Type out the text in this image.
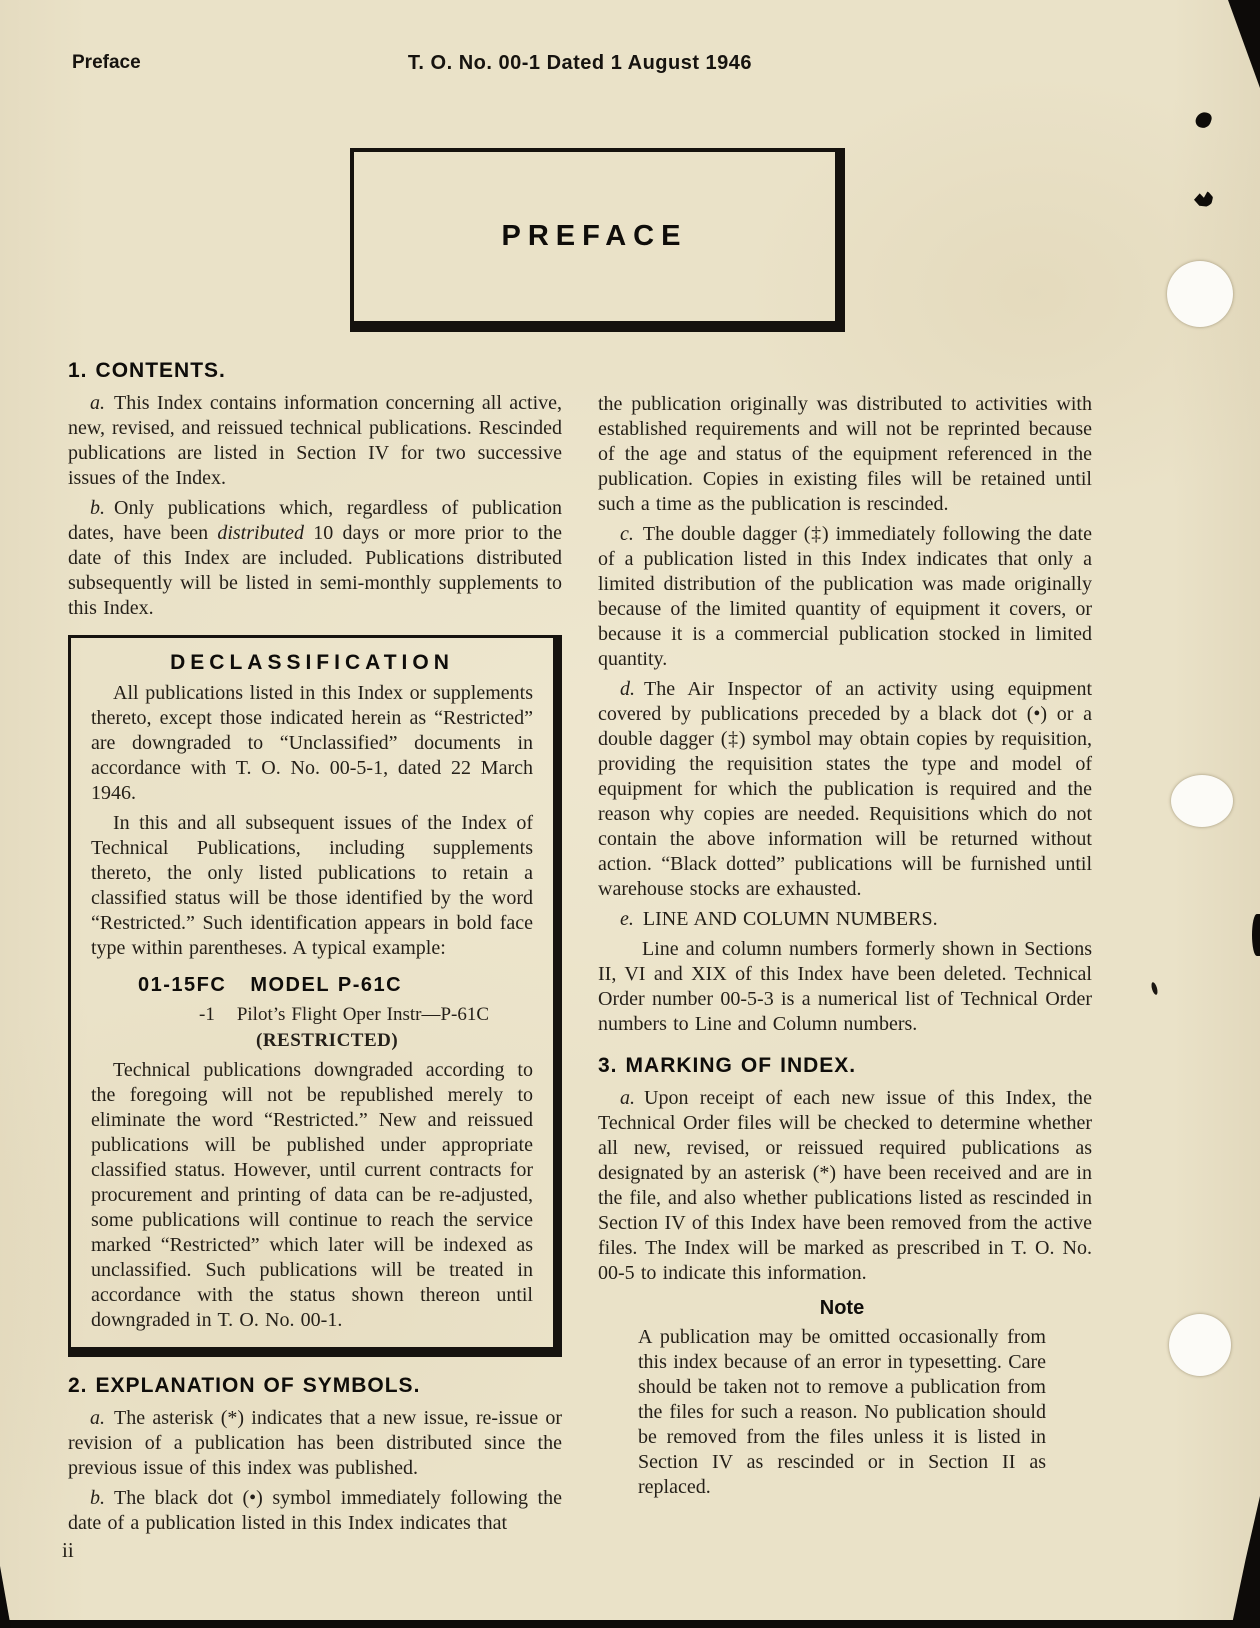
Preface	T. O. No. 00-1 Dated 1 August 1946
PREFACE
1. CONTENTS.

a. This Index contains information concerning all active, new, revised, and reissued technical publications. Rescinded publications are listed in Section IV for two successive issues of the Index.

b. Only publications which, regardless of publication dates, have been distributed 10 days or more prior to the date of this Index are included. Publications distributed subsequently will be listed in semi-monthly supplements to this Index.

DECLASSIFICATION

All publications listed in this Index or supplements thereto, except those indicated herein as “Restricted” are downgraded to “Unclassified” documents in accordance with T. O. No. 00-5-1, dated 22 March 1946.

In this and all subsequent issues of the Index of Technical Publications, including supplements thereto, the only listed publications to retain a classified status will be those identified by the word “Restricted.” Such identification appears in bold face type within parentheses. A typical example:

01-15FC MODEL P-61C
-1 Pilot’s Flight Oper Instr—P-61C
(RESTRICTED)

Technical publications downgraded according to the foregoing will not be republished merely to eliminate the word “Restricted.” New and reissued publications will be published under appropriate classified status. However, until current contracts for procurement and printing of data can be re-adjusted, some publications will continue to reach the service marked “Restricted” which later will be indexed as unclassified. Such publications will be treated in accordance with the status shown thereon until downgraded in T. O. No. 00-1.

2. EXPLANATION OF SYMBOLS.

a. The asterisk (*) indicates that a new issue, re-issue or revision of a publication has been distributed since the previous issue of this index was published.

b. The black dot (•) symbol immediately following the date of a publication listed in this Index indicates that

the publication originally was distributed to activities with established requirements and will not be reprinted because of the age and status of the equipment referenced in the publication. Copies in existing files will be retained until such a time as the publication is rescinded.

c. The double dagger (‡) immediately following the date of a publication listed in this Index indicates that only a limited distribution of the publication was made originally because of the limited quantity of equipment it covers, or because it is a commercial publication stocked in limited quantity.

d. The Air Inspector of an activity using equipment covered by publications preceded by a black dot (•) or a double dagger (‡) symbol may obtain copies by requisition, providing the requisition states the type and model of equipment for which the publication is required and the reason why copies are needed. Requisitions which do not contain the above information will be returned without action. “Black dotted” publications will be furnished until warehouse stocks are exhausted.

e. LINE AND COLUMN NUMBERS.

Line and column numbers formerly shown in Sections II, VI and XIX of this Index have been deleted. Technical Order number 00-5-3 is a numerical list of Technical Order numbers to Line and Column numbers.

3. MARKING OF INDEX.

a. Upon receipt of each new issue of this Index, the Technical Order files will be checked to determine whether all new, revised, or reissued required publications as designated by an asterisk (*) have been received and are in the file, and also whether publications listed as rescinded in Section IV of this Index have been removed from the active files. The Index will be marked as prescribed in T. O. No. 00-5 to indicate this information.

Note

A publication may be omitted occasionally from this index because of an error in typesetting. Care should be taken not to remove a publication from the files for such a reason. No publication should be removed from the files unless it is listed in Section IV as rescinded or in Section II as replaced.

ii
